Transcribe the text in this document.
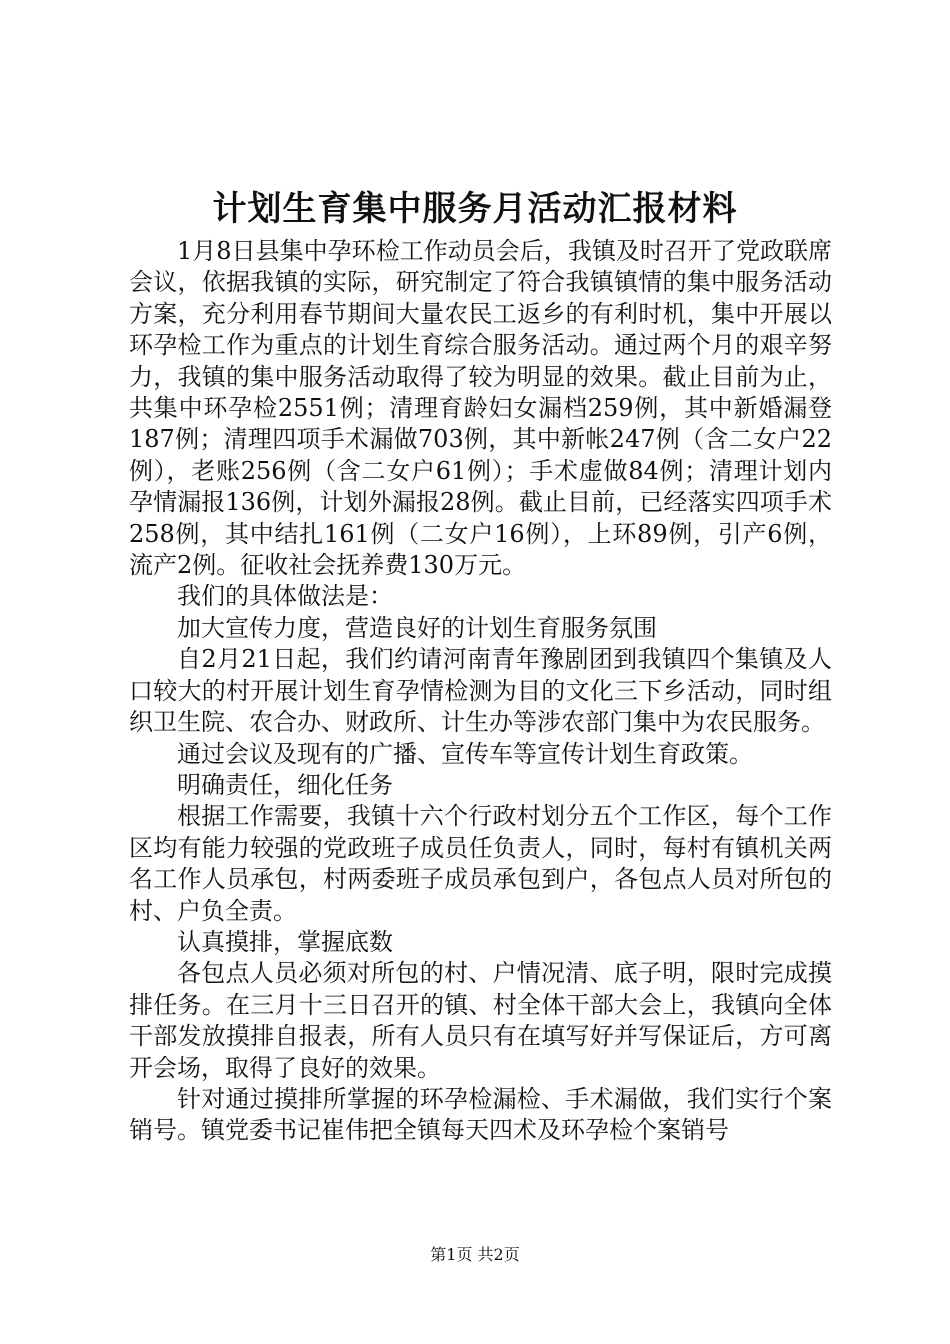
计划生育集中服务月活动汇报材料

1月8日县集中孕环检工作动员会后，我镇及时召开了党政联席会议，依据我镇的实际，研究制定了符合我镇镇情的集中服务活动方案，充分利用春节期间大量农民工返乡的有利时机，集中开展以环孕检工作为重点的计划生育综合服务活动。通过两个月的艰辛努力，我镇的集中服务活动取得了较为明显的效果。截止目前为止，共集中环孕检2551例；清理育龄妇女漏档259例，其中新婚漏登187例；清理四项手术漏做703例，其中新帐247例（含二女户22例），老账256例（含二女户61例）；手术虚做84例；清理计划内孕情漏报136例，计划外漏报28例。截止目前，已经落实四项手术258例，其中结扎161例（二女户16例），上环89例，引产6例，流产2例。征收社会抚养费130万元。

我们的具体做法是：

加大宣传力度，营造良好的计划生育服务氛围

自2月21日起，我们约请河南青年豫剧团到我镇四个集镇及人口较大的村开展计划生育孕情检测为目的文化三下乡活动，同时组织卫生院、农合办、财政所、计生办等涉农部门集中为农民服务。

通过会议及现有的广播、宣传车等宣传计划生育政策。

明确责任，细化任务

根据工作需要，我镇十六个行政村划分五个工作区，每个工作区均有能力较强的党政班子成员任负责人，同时，每村有镇机关两名工作人员承包，村两委班子成员承包到户，各包点人员对所包的村、户负全责。

认真摸排，掌握底数

各包点人员必须对所包的村、户情况清、底子明，限时完成摸排任务。在三月十三日召开的镇、村全体干部大会上，我镇向全体干部发放摸排自报表，所有人员只有在填写好并写保证后，方可离开会场，取得了良好的效果。

针对通过摸排所掌握的环孕检漏检、手术漏做，我们实行个案销号。镇党委书记崔伟把全镇每天四术及环孕检个案销号

第1页 共2页
